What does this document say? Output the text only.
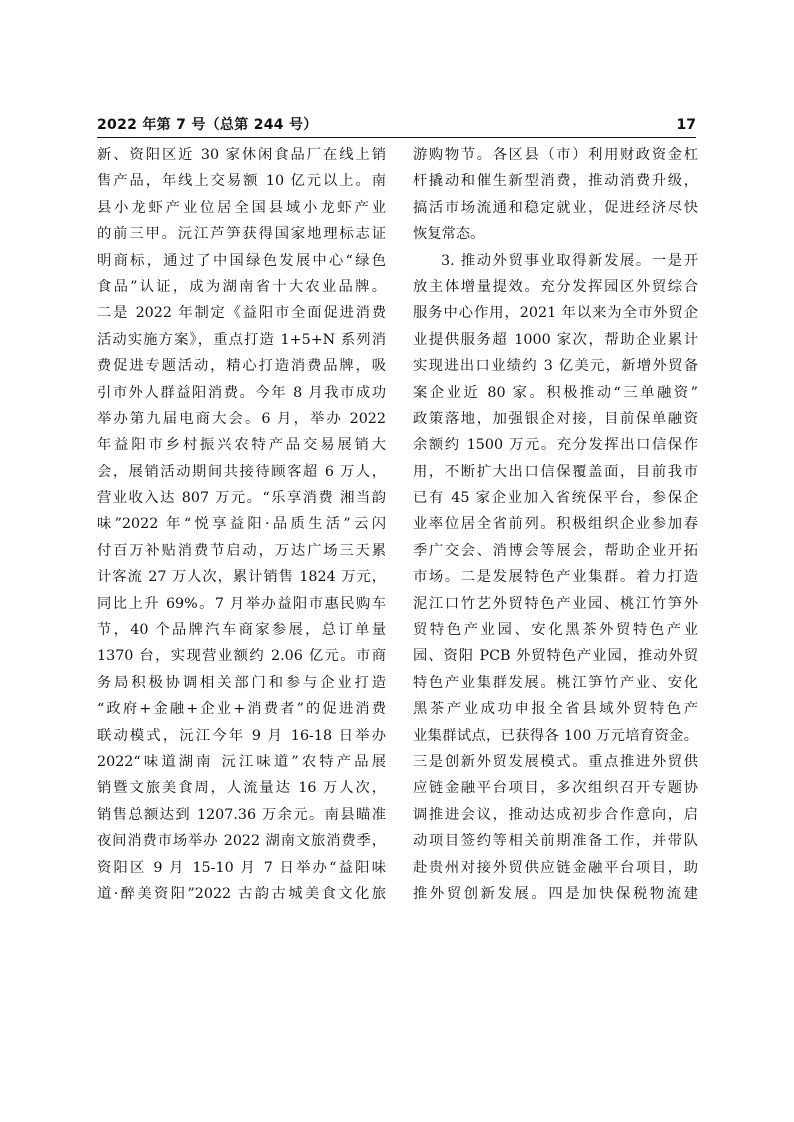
2022 年第 7 号（总第 244 号）	17
新、资阳区近 30 家休闲食品厂在线上销
售产品，年线上交易额 10 亿元以上。南
县小龙虾产业位居全国县域小龙虾产业
的前三甲。沅江芦笋获得国家地理标志证
明商标，通过了中国绿色发展中心“绿色
食品”认证，成为湖南省十大农业品牌。
二是 2022 年制定《益阳市全面促进消费
活动实施方案》，重点打造 1+5+N 系列消
费促进专题活动，精心打造消费品牌，吸
引市外人群益阳消费。今年 8 月我市成功
举办第九届电商大会。6 月，举办 2022
年益阳市乡村振兴农特产品交易展销大
会，展销活动期间共接待顾客超 6 万人，
营业收入达 807 万元。“乐享消费 湘当韵
味”2022 年“悦享益阳·品质生活”云闪
付百万补贴消费节启动，万达广场三天累
计客流 27 万人次，累计销售 1824 万元，
同比上升 69%。7 月举办益阳市惠民购车
节，40 个品牌汽车商家参展，总订单量
1370 台，实现营业额约 2.06 亿元。市商
务局积极协调相关部门和参与企业打造
“政府+金融+企业+消费者”的促进消费
联动模式，沅江今年 9 月 16-18 日举办
2022“味道湖南 沅江味道”农特产品展
销暨文旅美食周，人流量达 16 万人次，
销售总额达到 1207.36 万余元。南县瞄准
夜间消费市场举办 2022 湖南文旅消费季，
资阳区 9 月 15-10 月 7 日举办“益阳味
道·醉美资阳”2022 古韵古城美食文化旅
游购物节。各区县（市）利用财政资金杠
杆撬动和催生新型消费，推动消费升级，
搞活市场流通和稳定就业，促进经济尽快
恢复常态。
3. 推动外贸事业取得新发展。一是开
放主体增量提效。充分发挥园区外贸综合
服务中心作用，2021 年以来为全市外贸企
业提供服务超 1000 家次，帮助企业累计
实现进出口业绩约 3 亿美元，新增外贸备
案企业近 80 家。积极推动“三单融资”
政策落地，加强银企对接，目前保单融资
余额约 1500 万元。充分发挥出口信保作
用，不断扩大出口信保覆盖面，目前我市
已有 45 家企业加入省统保平台，参保企
业率位居全省前列。积极组织企业参加春
季广交会、消博会等展会，帮助企业开拓
市场。二是发展特色产业集群。着力打造
泥江口竹艺外贸特色产业园、桃江竹笋外
贸特色产业园、安化黑茶外贸特色产业
园、资阳 PCB 外贸特色产业园，推动外贸
特色产业集群发展。桃江笋竹产业、安化
黑茶产业成功申报全省县域外贸特色产
业集群试点，已获得各 100 万元培育资金。
三是创新外贸发展模式。重点推进外贸供
应链金融平台项目，多次组织召开专题协
调推进会议，推动达成初步合作意向，启
动项目签约等相关前期准备工作，并带队
赴贵州对接外贸供应链金融平台项目，助
推外贸创新发展。四是加快保税物流建
